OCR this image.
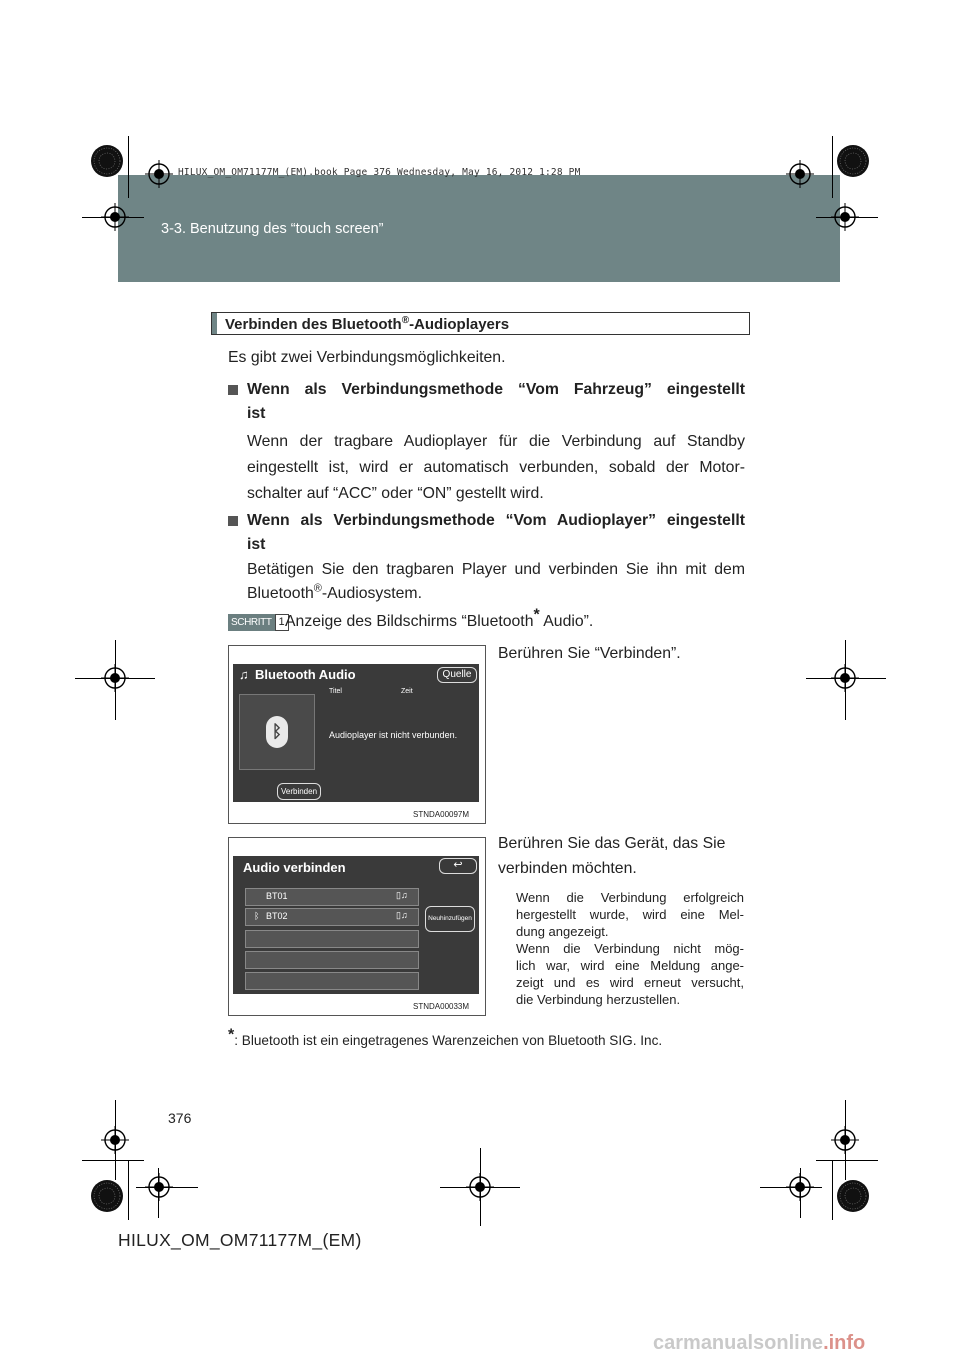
HILUX_OM_OM71177M_(EM).book Page 376 Wednesday, May 16, 2012 1:28 PM
3-3. Benutzung des “touch screen”
Verbinden des Bluetooth®-Audioplayers
Es gibt zwei Verbindungsmöglichkeiten.
Wenn als Verbindungsmethode “Vom Fahrzeug” eingestellt
ist
Wenn der tragbare Audioplayer für die Verbindung auf Standby
eingestellt ist, wird er automatisch verbunden, sobald der Motor-
schalter auf “ACC” oder “ON” gestellt wird.
Wenn als Verbindungsmethode “Vom Audioplayer” eingestellt
ist
Betätigen Sie den tragbaren Player und verbinden Sie ihn mit dem
Bluetooth®-Audiosystem.
SCHRITT 1 Anzeige des Bildschirms “Bluetooth* Audio”.
Berühren Sie “Verbinden”.
♫ Bluetooth Audio	Quelle
Titel	Zeit
ᛒ	Audioplayer ist nicht verbunden.
Verbinden
STNDA00097M
Berühren Sie das Gerät, das Sie
verbinden möchten.
Audio verbinden	↩
BT01	▯♫
ᛒ BT02	▯♫	Neuhinzufügen
STNDA00033M
Wenn die Verbindung erfolgreich
hergestellt wurde, wird eine Mel-
dung angezeigt.
Wenn die Verbindung nicht mög-
lich war, wird eine Meldung ange-
zeigt und es wird erneut versucht,
die Verbindung herzustellen.
*: Bluetooth ist ein eingetragenes Warenzeichen von Bluetooth SIG. Inc.
376
HILUX_OM_OM71177M_(EM)
carmanualsonline.info
